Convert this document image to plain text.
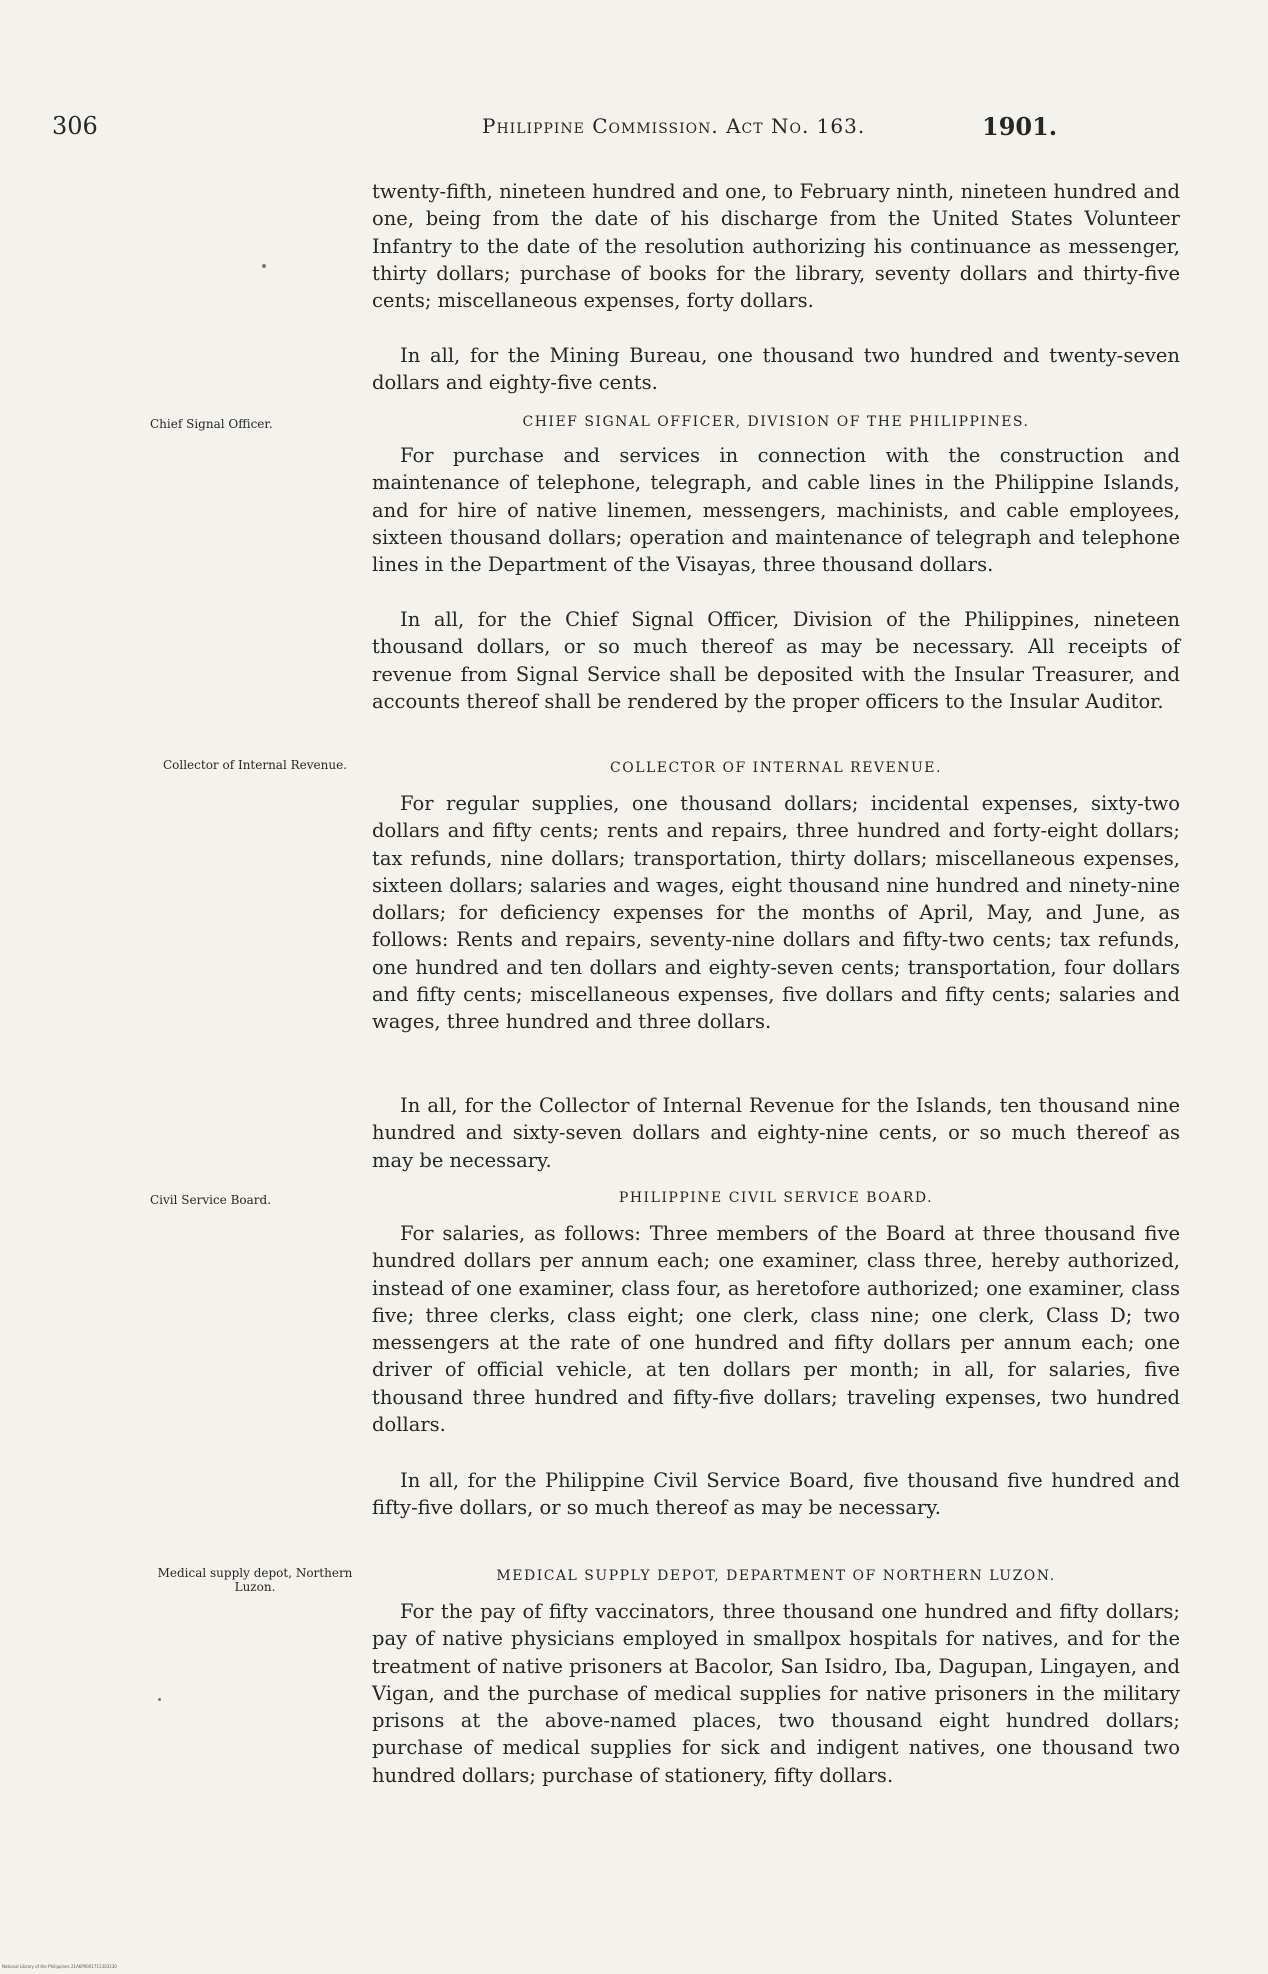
306	Philippine Commission. Act No. 163.	1901.

twenty-fifth, nineteen hundred and one, to February ninth, nineteen hundred and one, being from the date of his discharge from the United States Volunteer Infantry to the date of the resolution authorizing his continuance as messenger, thirty dollars; purchase of books for the library, seventy dollars and thirty-five cents; miscellaneous expenses, forty dollars.

In all, for the Mining Bureau, one thousand two hundred and twenty-seven dollars and eighty-five cents.

Chief Signal Officer.	CHIEF SIGNAL OFFICER, DIVISION OF THE PHILIPPINES.

For purchase and services in connection with the construction and maintenance of telephone, telegraph, and cable lines in the Philippine Islands, and for hire of native linemen, messengers, machinists, and cable employees, sixteen thousand dollars; operation and maintenance of telegraph and telephone lines in the Department of the Visayas, three thousand dollars.

In all, for the Chief Signal Officer, Division of the Philippines, nineteen thousand dollars, or so much thereof as may be necessary. All receipts of revenue from Signal Service shall be deposited with the Insular Treasurer, and accounts thereof shall be rendered by the proper officers to the Insular Auditor.

Collector of Internal Revenue.	COLLECTOR OF INTERNAL REVENUE.

For regular supplies, one thousand dollars; incidental expenses, sixty-two dollars and fifty cents; rents and repairs, three hundred and forty-eight dollars; tax refunds, nine dollars; transportation, thirty dollars; miscellaneous expenses, sixteen dollars; salaries and wages, eight thousand nine hundred and ninety-nine dollars; for deficiency expenses for the months of April, May, and June, as follows: Rents and repairs, seventy-nine dollars and fifty-two cents; tax refunds, one hundred and ten dollars and eighty-seven cents; transportation, four dollars and fifty cents; miscellaneous expenses, five dollars and fifty cents; salaries and wages, three hundred and three dollars.

In all, for the Collector of Internal Revenue for the Islands, ten thousand nine hundred and sixty-seven dollars and eighty-nine cents, or so much thereof as may be necessary.

Civil Service Board.	PHILIPPINE CIVIL SERVICE BOARD.

For salaries, as follows: Three members of the Board at three thousand five hundred dollars per annum each; one examiner, class three, hereby authorized, instead of one examiner, class four, as heretofore authorized; one examiner, class five; three clerks, class eight; one clerk, class nine; one clerk, Class D; two messengers at the rate of one hundred and fifty dollars per annum each; one driver of official vehicle, at ten dollars per month; in all, for salaries, five thousand three hundred and fifty-five dollars; traveling expenses, two hundred dollars.

In all, for the Philippine Civil Service Board, five thousand five hundred and fifty-five dollars, or so much thereof as may be necessary.

Medical supply depot, Northern Luzon.

MEDICAL SUPPLY DEPOT, DEPARTMENT OF NORTHERN LUZON.

For the pay of fifty vaccinators, three thousand one hundred and fifty dollars; pay of native physicians employed in smallpox hospitals for natives, and for the treatment of native prisoners at Bacolor, San Isidro, Iba, Dagupan, Lingayen, and Vigan, and the purchase of medical supplies for native prisoners in the military prisons at the above-named places, two thousand eight hundred dollars; purchase of medical supplies for sick and indigent natives, one thousand two hundred dollars; purchase of stationery, fifty dollars.

National Library of the Philippines 21A6P0001711303230
